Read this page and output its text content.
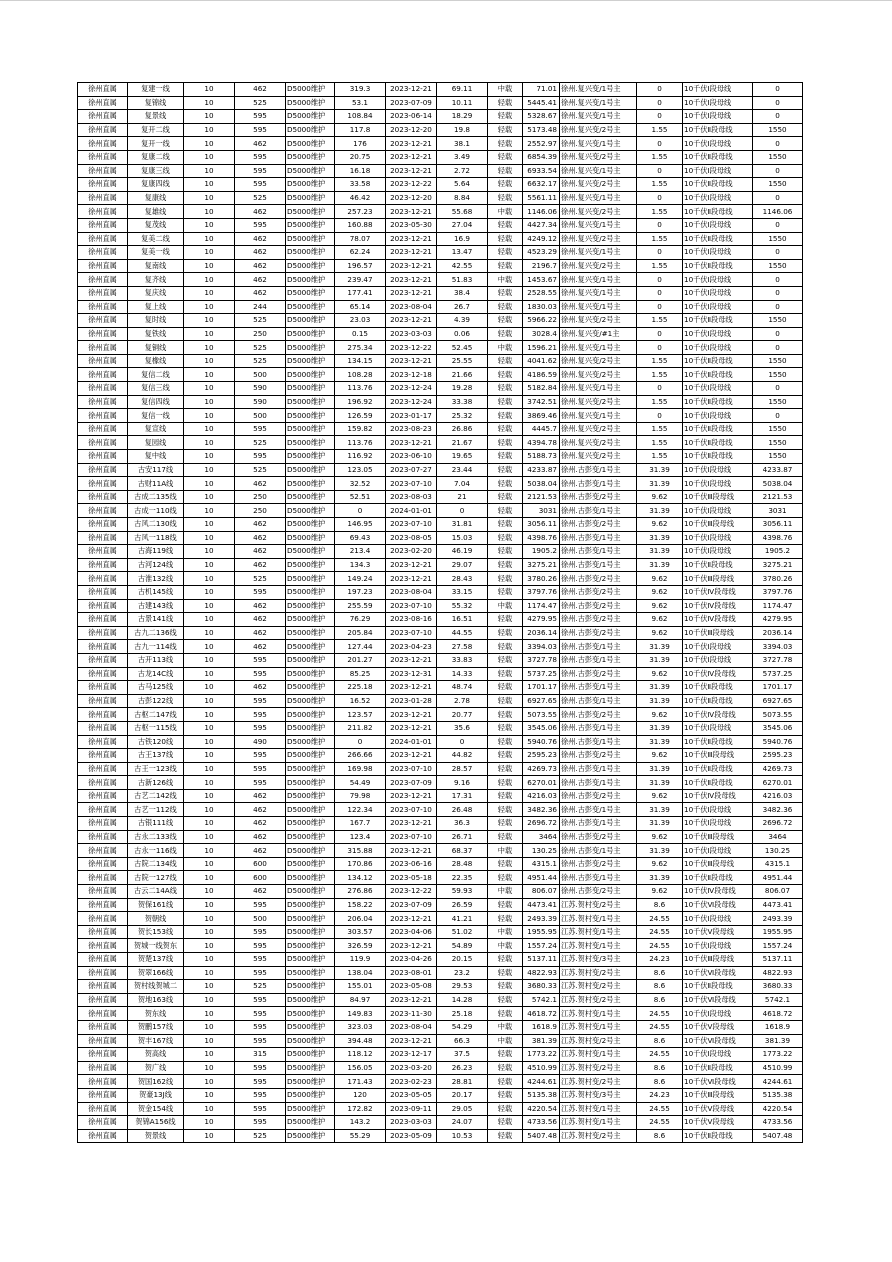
徐州直属	复建一线	10	462	D5000维护	319.3	2023-12-21	69.11	中载	71.01	徐州.复兴变/1号主	0	10千伏Ⅰ段母线	0
徐州直属	复锦线	10	525	D5000维护	53.1	2023-07-09	10.11	轻载	5445.41	徐州.复兴变/1号主	0	10千伏Ⅰ段母线	0
徐州直属	复景线	10	595	D5000维护	108.84	2023-06-14	18.29	轻载	5328.67	徐州.复兴变/1号主	0	10千伏Ⅰ段母线	0
徐州直属	复开二线	10	595	D5000维护	117.8	2023-12-20	19.8	轻载	5173.48	徐州.复兴变/2号主	1.55	10千伏Ⅱ段母线	1550
徐州直属	复开一线	10	462	D5000维护	176	2023-12-21	38.1	轻载	2552.97	徐州.复兴变/1号主	0	10千伏Ⅰ段母线	0
徐州直属	复康二线	10	595	D5000维护	20.75	2023-12-21	3.49	轻载	6854.39	徐州.复兴变/2号主	1.55	10千伏Ⅱ段母线	1550
徐州直属	复康三线	10	595	D5000维护	16.18	2023-12-21	2.72	轻载	6933.54	徐州.复兴变/1号主	0	10千伏Ⅰ段母线	0
徐州直属	复康四线	10	595	D5000维护	33.58	2023-12-22	5.64	轻载	6632.17	徐州.复兴变/2号主	1.55	10千伏Ⅱ段母线	1550
徐州直属	复康线	10	525	D5000维护	46.42	2023-12-20	8.84	轻载	5561.11	徐州.复兴变/1号主	0	10千伏Ⅰ段母线	0
徐州直属	复雄线	10	462	D5000维护	257.23	2023-12-21	55.68	中载	1146.06	徐州.复兴变/2号主	1.55	10千伏Ⅱ段母线	1146.06
徐州直属	复茂线	10	595	D5000维护	160.88	2023-05-30	27.04	轻载	4427.34	徐州.复兴变/1号主	0	10千伏Ⅰ段母线	0
徐州直属	复美二线	10	462	D5000维护	78.07	2023-12-21	16.9	轻载	4249.12	徐州.复兴变/2号主	1.55	10千伏Ⅱ段母线	1550
徐州直属	复美一线	10	462	D5000维护	62.24	2023-12-21	13.47	轻载	4523.29	徐州.复兴变/1号主	0	10千伏Ⅰ段母线	0
徐州直属	复南线	10	462	D5000维护	196.57	2023-12-21	42.55	轻载	2196.7	徐州.复兴变/2号主	1.55	10千伏Ⅱ段母线	1550
徐州直属	复齐线	10	462	D5000维护	239.47	2023-12-21	51.83	中载	1453.67	徐州.复兴变/1号主	0	10千伏Ⅰ段母线	0
徐州直属	复庆线	10	462	D5000维护	177.41	2023-12-21	38.4	轻载	2528.55	徐州.复兴变/1号主	0	10千伏Ⅰ段母线	0
徐州直属	复上线	10	244	D5000维护	65.14	2023-08-04	26.7	轻载	1830.03	徐州.复兴变/1号主	0	10千伏Ⅰ段母线	0
徐州直属	复时线	10	525	D5000维护	23.03	2023-12-21	4.39	轻载	5966.22	徐州.复兴变/2号主	1.55	10千伏Ⅱ段母线	1550
徐州直属	复铁线	10	250	D5000维护	0.15	2023-03-03	0.06	轻载	3028.4	徐州.复兴变/#1主	0	10千伏Ⅰ段母线	0
徐州直属	复铜线	10	525	D5000维护	275.34	2023-12-22	52.45	中载	1596.21	徐州.复兴变/1号主	0	10千伏Ⅰ段母线	0
徐州直属	复橡线	10	525	D5000维护	134.15	2023-12-21	25.55	轻载	4041.62	徐州.复兴变/2号主	1.55	10千伏Ⅱ段母线	1550
徐州直属	复信二线	10	500	D5000维护	108.28	2023-12-18	21.66	轻载	4186.59	徐州.复兴变/2号主	1.55	10千伏Ⅱ段母线	1550
徐州直属	复信三线	10	590	D5000维护	113.76	2023-12-24	19.28	轻载	5182.84	徐州.复兴变/1号主	0	10千伏Ⅰ段母线	0
徐州直属	复信四线	10	590	D5000维护	196.92	2023-12-24	33.38	轻载	3742.51	徐州.复兴变/2号主	1.55	10千伏Ⅱ段母线	1550
徐州直属	复信一线	10	500	D5000维护	126.59	2023-01-17	25.32	轻载	3869.46	徐州.复兴变/1号主	0	10千伏Ⅰ段母线	0
徐州直属	复宣线	10	595	D5000维护	159.82	2023-08-23	26.86	轻载	4445.7	徐州.复兴变/2号主	1.55	10千伏Ⅱ段母线	1550
徐州直属	复园线	10	525	D5000维护	113.76	2023-12-21	21.67	轻载	4394.78	徐州.复兴变/2号主	1.55	10千伏Ⅱ段母线	1550
徐州直属	复中线	10	595	D5000维护	116.92	2023-06-10	19.65	轻载	5188.73	徐州.复兴变/2号主	1.55	10千伏Ⅱ段母线	1550
徐州直属	古安117线	10	525	D5000维护	123.05	2023-07-27	23.44	轻载	4233.87	徐州.古彭变/1号主	31.39	10千伏Ⅰ段母线	4233.87
徐州直属	古财11A线	10	462	D5000维护	32.52	2023-07-10	7.04	轻载	5038.04	徐州.古彭变/1号主	31.39	10千伏Ⅰ段母线	5038.04
徐州直属	古成二135线	10	250	D5000维护	52.51	2023-08-03	21	轻载	2121.53	徐州.古彭变/2号主	9.62	10千伏Ⅲ段母线	2121.53
徐州直属	古成一110线	10	250	D5000维护	0	2024-01-01	0	轻载	3031	徐州.古彭变/1号主	31.39	10千伏Ⅰ段母线	3031
徐州直属	古风二130线	10	462	D5000维护	146.95	2023-07-10	31.81	轻载	3056.11	徐州.古彭变/2号主	9.62	10千伏Ⅲ段母线	3056.11
徐州直属	古风一118线	10	462	D5000维护	69.43	2023-08-05	15.03	轻载	4398.76	徐州.古彭变/1号主	31.39	10千伏Ⅰ段母线	4398.76
徐州直属	古海119线	10	462	D5000维护	213.4	2023-02-20	46.19	轻载	1905.2	徐州.古彭变/1号主	31.39	10千伏Ⅰ段母线	1905.2
徐州直属	古河124线	10	462	D5000维护	134.3	2023-12-21	29.07	轻载	3275.21	徐州.古彭变/1号主	31.39	10千伏Ⅱ段母线	3275.21
徐州直属	古淮132线	10	525	D5000维护	149.24	2023-12-21	28.43	轻载	3780.26	徐州.古彭变/2号主	9.62	10千伏Ⅲ段母线	3780.26
徐州直属	古机145线	10	595	D5000维护	197.23	2023-08-04	33.15	轻载	3797.76	徐州.古彭变/2号主	9.62	10千伏Ⅳ段母线	3797.76
徐州直属	古建143线	10	462	D5000维护	255.59	2023-07-10	55.32	中载	1174.47	徐州.古彭变/2号主	9.62	10千伏Ⅳ段母线	1174.47
徐州直属	古景141线	10	462	D5000维护	76.29	2023-08-16	16.51	轻载	4279.95	徐州.古彭变/2号主	9.62	10千伏Ⅳ段母线	4279.95
徐州直属	古九二136线	10	462	D5000维护	205.84	2023-07-10	44.55	轻载	2036.14	徐州.古彭变/2号主	9.62	10千伏Ⅲ段母线	2036.14
徐州直属	古九一114线	10	462	D5000维护	127.44	2023-04-23	27.58	轻载	3394.03	徐州.古彭变/1号主	31.39	10千伏Ⅰ段母线	3394.03
徐州直属	古开113线	10	595	D5000维护	201.27	2023-12-21	33.83	轻载	3727.78	徐州.古彭变/1号主	31.39	10千伏Ⅰ段母线	3727.78
徐州直属	古龙14C线	10	595	D5000维护	85.25	2023-12-31	14.33	轻载	5737.25	徐州.古彭变/2号主	9.62	10千伏Ⅳ段母线	5737.25
徐州直属	古马125线	10	462	D5000维护	225.18	2023-12-21	48.74	轻载	1701.17	徐州.古彭变/1号主	31.39	10千伏Ⅱ段母线	1701.17
徐州直属	古彭122线	10	595	D5000维护	16.52	2023-01-28	2.78	轻载	6927.65	徐州.古彭变/1号主	31.39	10千伏Ⅱ段母线	6927.65
徐州直属	古枢二147线	10	595	D5000维护	123.57	2023-12-21	20.77	轻载	5073.55	徐州.古彭变/2号主	9.62	10千伏Ⅳ段母线	5073.55
徐州直属	古枢一115线	10	595	D5000维护	211.82	2023-12-21	35.6	轻载	3545.06	徐州.古彭变/1号主	31.39	10千伏Ⅰ段母线	3545.06
徐州直属	古铁120线	10	490	D5000维护	0	2024-01-01	0	轻载	5940.76	徐州.古彭变/1号主	31.39	10千伏Ⅱ段母线	5940.76
徐州直属	古王137线	10	595	D5000维护	266.66	2023-12-21	44.82	轻载	2595.23	徐州.古彭变/2号主	9.62	10千伏Ⅲ段母线	2595.23
徐州直属	古王一123线	10	595	D5000维护	169.98	2023-07-10	28.57	轻载	4269.73	徐州.古彭变/1号主	31.39	10千伏Ⅱ段母线	4269.73
徐州直属	古新126线	10	595	D5000维护	54.49	2023-07-09	9.16	轻载	6270.01	徐州.古彭变/1号主	31.39	10千伏Ⅱ段母线	6270.01
徐州直属	古艺二142线	10	462	D5000维护	79.98	2023-12-21	17.31	轻载	4216.03	徐州.古彭变/2号主	9.62	10千伏Ⅳ段母线	4216.03
徐州直属	古艺一112线	10	462	D5000维护	122.34	2023-07-10	26.48	轻载	3482.36	徐州.古彭变/1号主	31.39	10千伏Ⅰ段母线	3482.36
徐州直属	古银111线	10	462	D5000维护	167.7	2023-12-21	36.3	轻载	2696.72	徐州.古彭变/1号主	31.39	10千伏Ⅰ段母线	2696.72
徐州直属	古永二133线	10	462	D5000维护	123.4	2023-07-10	26.71	轻载	3464	徐州.古彭变/2号主	9.62	10千伏Ⅲ段母线	3464
徐州直属	古永一116线	10	462	D5000维护	315.88	2023-12-21	68.37	中载	130.25	徐州.古彭变/1号主	31.39	10千伏Ⅰ段母线	130.25
徐州直属	古院二134线	10	600	D5000维护	170.86	2023-06-16	28.48	轻载	4315.1	徐州.古彭变/2号主	9.62	10千伏Ⅲ段母线	4315.1
徐州直属	古院一127线	10	600	D5000维护	134.12	2023-05-18	22.35	轻载	4951.44	徐州.古彭变/1号主	31.39	10千伏Ⅱ段母线	4951.44
徐州直属	古云二14A线	10	462	D5000维护	276.86	2023-12-22	59.93	中载	806.07	徐州.古彭变/2号主	9.62	10千伏Ⅳ段母线	806.07
徐州直属	贺保161线	10	595	D5000维护	158.22	2023-07-09	26.59	轻载	4473.41	江苏.贺村变/2号主	8.6	10千伏Ⅵ段母线	4473.41
徐州直属	贺朝线	10	500	D5000维护	206.04	2023-12-21	41.21	轻载	2493.39	江苏.贺村变/1号主	24.55	10千伏Ⅰ段母线	2493.39
徐州直属	贺长153线	10	595	D5000维护	303.57	2023-04-06	51.02	中载	1955.95	江苏.贺村变/1号主	24.55	10千伏Ⅴ段母线	1955.95
徐州直属	贺城一线贺东	10	595	D5000维护	326.59	2023-12-21	54.89	中载	1557.24	江苏.贺村变/1号主	24.55	10千伏Ⅰ段母线	1557.24
徐州直属	贺楚137线	10	595	D5000维护	119.9	2023-04-26	20.15	轻载	5137.11	江苏.贺村变/3号主	24.23	10千伏Ⅲ段母线	5137.11
徐州直属	贺翠166线	10	595	D5000维护	138.04	2023-08-01	23.2	轻载	4822.93	江苏.贺村变/2号主	8.6	10千伏Ⅵ段母线	4822.93
徐州直属	贺村线贺城二	10	525	D5000维护	155.01	2023-05-08	29.53	轻载	3680.33	江苏.贺村变/2号主	8.6	10千伏Ⅱ段母线	3680.33
徐州直属	贺地163线	10	595	D5000维护	84.97	2023-12-21	14.28	轻载	5742.1	江苏.贺村变/2号主	8.6	10千伏Ⅵ段母线	5742.1
徐州直属	贺东线	10	595	D5000维护	149.83	2023-11-30	25.18	轻载	4618.72	江苏.贺村变/1号主	24.55	10千伏Ⅰ段母线	4618.72
徐州直属	贺鹏157线	10	595	D5000维护	323.03	2023-08-04	54.29	中载	1618.9	江苏.贺村变/1号主	24.55	10千伏Ⅴ段母线	1618.9
徐州直属	贺丰167线	10	595	D5000维护	394.48	2023-12-21	66.3	中载	381.39	江苏.贺村变/2号主	8.6	10千伏Ⅵ段母线	381.39
徐州直属	贺高线	10	315	D5000维护	118.12	2023-12-17	37.5	轻载	1773.22	江苏.贺村变/1号主	24.55	10千伏Ⅰ段母线	1773.22
徐州直属	贺广线	10	595	D5000维护	156.05	2023-03-20	26.23	轻载	4510.99	江苏.贺村变/2号主	8.6	10千伏Ⅱ段母线	4510.99
徐州直属	贺国162线	10	595	D5000维护	171.43	2023-02-23	28.81	轻载	4244.61	江苏.贺村变/2号主	8.6	10千伏Ⅵ段母线	4244.61
徐州直属	贺豪13J线	10	595	D5000维护	120	2023-05-05	20.17	轻载	5135.38	江苏.贺村变/3号主	24.23	10千伏Ⅲ段母线	5135.38
徐州直属	贺金154线	10	595	D5000维护	172.82	2023-09-11	29.05	轻载	4220.54	江苏.贺村变/1号主	24.55	10千伏Ⅴ段母线	4220.54
徐州直属	贺锦A156线	10	595	D5000维护	143.2	2023-03-03	24.07	轻载	4733.56	江苏.贺村变/1号主	24.55	10千伏Ⅴ段母线	4733.56
徐州直属	贺景线	10	525	D5000维护	55.29	2023-05-09	10.53	轻载	5407.48	江苏.贺村变/2号主	8.6	10千伏Ⅱ段母线	5407.48
